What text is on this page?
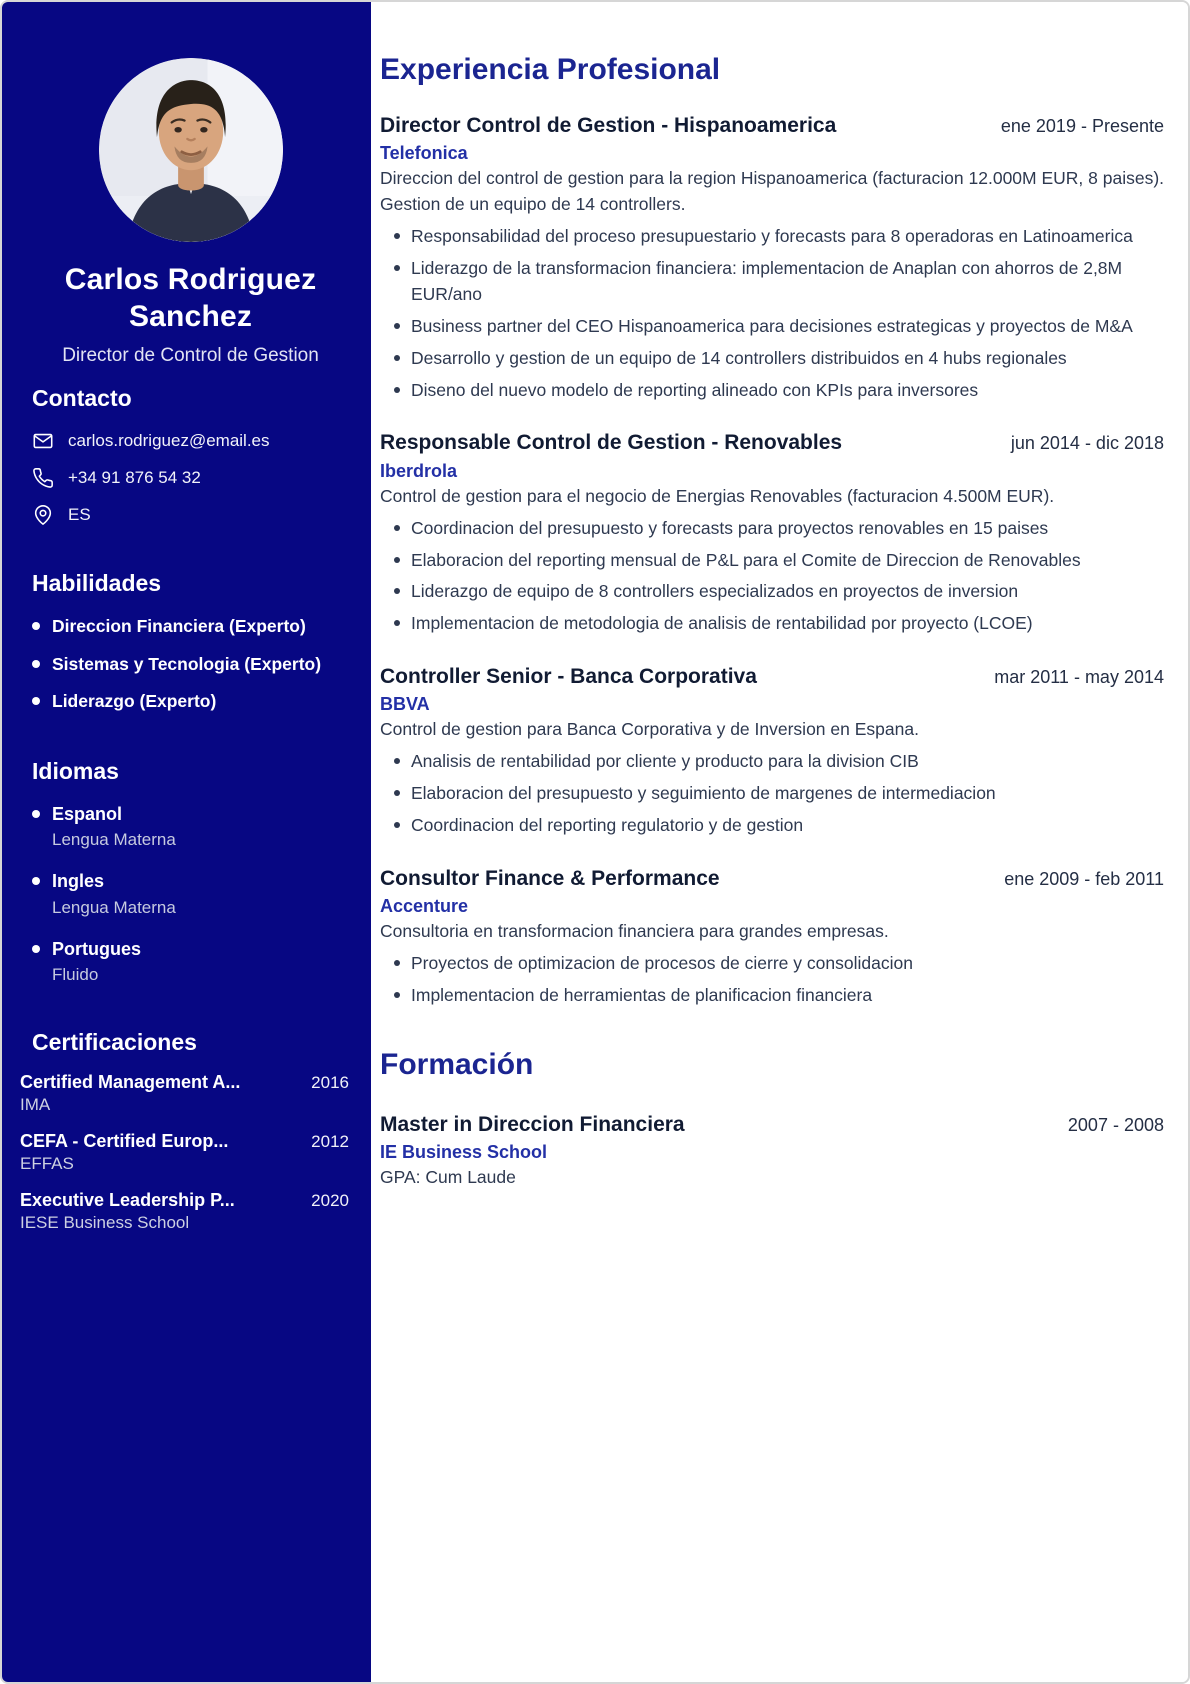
Carlos Rodriguez Sanchez
Director de Control de Gestion
Contacto
carlos.rodriguez@email.es
+34 91 876 54 32
ES
Habilidades
Direccion Financiera (Experto)
Sistemas y Tecnologia (Experto)
Liderazgo (Experto)
Idiomas
Espanol
Lengua Materna
Ingles
Lengua Materna
Portugues
Fluido
Certificaciones
Certified Management A...	2016
IMA
CEFA - Certified Europ...	2012
EFFAS
Executive Leadership P...	2020
IESE Business School
Experiencia Profesional
Director Control de Gestion - Hispanoamerica	ene 2019 - Presente
Telefonica

Direccion del control de gestion para la region Hispanoamerica (facturacion 12.000M EUR, 8 paises). Gestion de un equipo de 14 controllers.

Responsabilidad del proceso presupuestario y forecasts para 8 operadoras en Latinoamerica
Liderazgo de la transformacion financiera: implementacion de Anaplan con ahorros de 2,8M EUR/ano
Business partner del CEO Hispanoamerica para decisiones estrategicas y proyectos de M&A
Desarrollo y gestion de un equipo de 14 controllers distribuidos en 4 hubs regionales
Diseno del nuevo modelo de reporting alineado con KPIs para inversores
Responsable Control de Gestion - Renovables	jun 2014 - dic 2018
Iberdrola

Control de gestion para el negocio de Energias Renovables (facturacion 4.500M EUR).

Coordinacion del presupuesto y forecasts para proyectos renovables en 15 paises
Elaboracion del reporting mensual de P&L para el Comite de Direccion de Renovables
Liderazgo de equipo de 8 controllers especializados en proyectos de inversion
Implementacion de metodologia de analisis de rentabilidad por proyecto (LCOE)
Controller Senior - Banca Corporativa	mar 2011 - may 2014
BBVA

Control de gestion para Banca Corporativa y de Inversion en Espana.

Analisis de rentabilidad por cliente y producto para la division CIB
Elaboracion del presupuesto y seguimiento de margenes de intermediacion
Coordinacion del reporting regulatorio y de gestion
Consultor Finance & Performance	ene 2009 - feb 2011
Accenture

Consultoria en transformacion financiera para grandes empresas.

Proyectos de optimizacion de procesos de cierre y consolidacion
Implementacion de herramientas de planificacion financiera
Formación
Master in Direccion Financiera	2007 - 2008
IE Business School
GPA: Cum Laude
